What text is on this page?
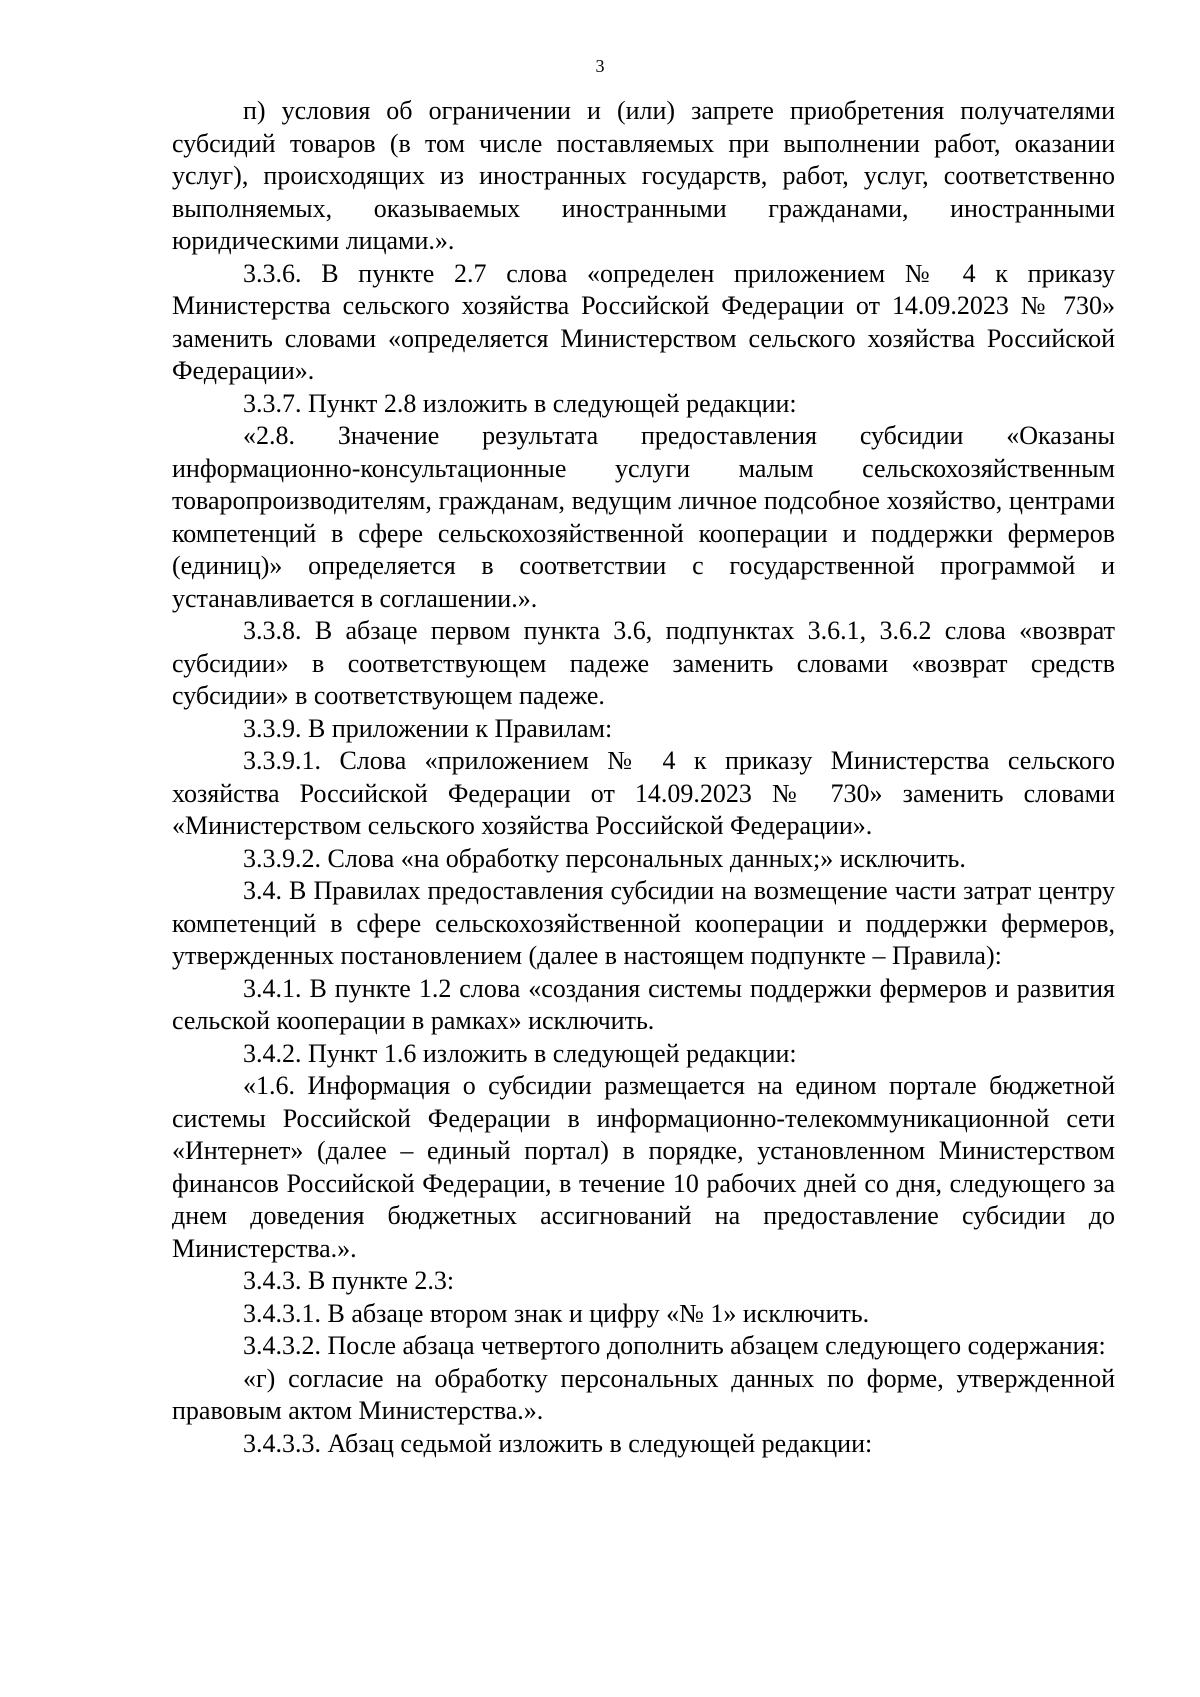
3

п) условия об ограничении и (или) запрете приобретения получателями субсидий товаров (в том числе поставляемых при выполнении работ, оказании услуг), происходящих из иностранных государств, работ, услуг, соответственно выполняемых, оказываемых иностранными гражданами, иностранными юридическими лицами.».

3.3.6. В пункте 2.7 слова «определен приложением № 4 к приказу Министерства сельского хозяйства Российской Федерации от 14.09.2023 № 730» заменить словами «определяется Министерством сельского хозяйства Российской Федерации».

3.3.7. Пункт 2.8 изложить в следующей редакции:

«2.8. Значение результата предоставления субсидии «Оказаны информационно-консультационные услуги малым сельскохозяйственным товаропроизводителям, гражданам, ведущим личное подсобное хозяйство, центрами компетенций в сфере сельскохозяйственной кооперации и поддержки фермеров (единиц)» определяется в соответствии с государственной программой и устанавливается в соглашении.».

3.3.8. В абзаце первом пункта 3.6, подпунктах 3.6.1, 3.6.2 слова «возврат субсидии» в соответствующем падеже заменить словами «возврат средств субсидии» в соответствующем падеже.

3.3.9. В приложении к Правилам:

3.3.9.1. Слова «приложением № 4 к приказу Министерства сельского хозяйства Российской Федерации от 14.09.2023 № 730» заменить словами «Министерством сельского хозяйства Российской Федерации».

3.3.9.2. Слова «на обработку персональных данных;» исключить.

3.4. В Правилах предоставления субсидии на возмещение части затрат центру компетенций в сфере сельскохозяйственной кооперации и поддержки фермеров, утвержденных постановлением (далее в настоящем подпункте – Правила):

3.4.1. В пункте 1.2 слова «создания системы поддержки фермеров и развития сельской кооперации в рамках» исключить.

3.4.2. Пункт 1.6 изложить в следующей редакции:

«1.6. Информация о субсидии размещается на едином портале бюджетной системы Российской Федерации в информационно-телекоммуникационной сети «Интернет» (далее – единый портал) в порядке, установленном Министерством финансов Российской Федерации, в течение 10 рабочих дней со дня, следующего за днем доведения бюджетных ассигнований на предоставление субсидии до Министерства.».

3.4.3. В пункте 2.3:

3.4.3.1. В абзаце втором знак и цифру «№ 1» исключить.

3.4.3.2. После абзаца четвертого дополнить абзацем следующего содержания:

«г) согласие на обработку персональных данных по форме, утвержденной правовым актом Министерства.».

3.4.3.3. Абзац седьмой изложить в следующей редакции:
